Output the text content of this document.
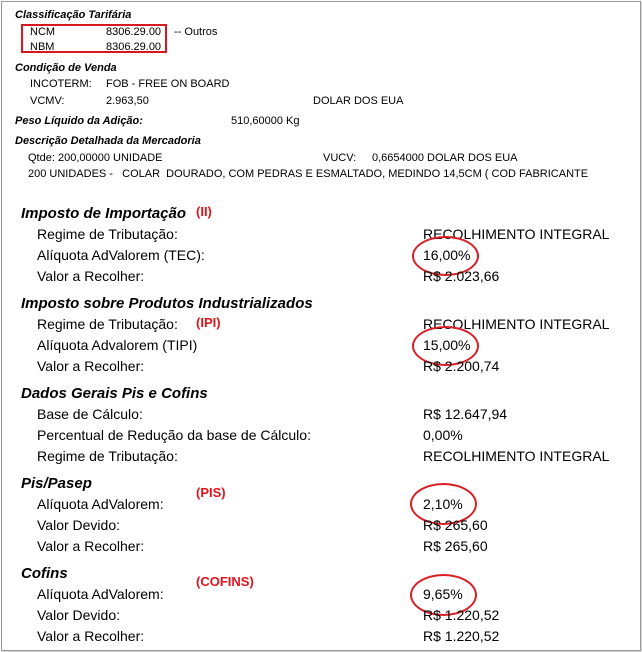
Classificação Tarifária
NCM	8306.29.00 -- Outros
NBM	8306.29.00
Condição de Venda
INCOTERM: FOB - FREE ON BOARD
VCMV:	2.963,50	DOLAR DOS EUA
Peso Líquido da Adição:	510,60000 Kg
Descrição Detalhada da Mercadoria
Qtde: 200,00000 UNIDADE	VUCV: 0,6654000 DOLAR DOS EUA
200 UNIDADES -   COLAR  DOURADO, COM PEDRAS E ESMALTADO, MEDINDO 14,5CM ( COD FABRICANTE
Imposto de Importação (II)
Regime de Tributação:	RECOLHIMENTO INTEGRAL
Alíquota AdValorem (TEC):	16,00%
Valor a Recolher:	R$ 2.023,66
Imposto sobre Produtos Industrializados
Regime de Tributação: (IPI)	RECOLHIMENTO INTEGRAL
Alíquota Advalorem (TIPI)	15,00%
Valor a Recolher:	R$ 2.200,74
Dados Gerais Pis e Cofins
Base de Cálculo:	R$ 12.647,94
Percentual de Redução da base de Cálculo:	0,00%
Regime de Tributação:	RECOLHIMENTO INTEGRAL
Pis/Pasep
(PIS)
Alíquota AdValorem:	2,10%
Valor Devido:	R$ 265,60
Valor a Recolher:	R$ 265,60
Cofins	(COFINS)
Alíquota AdValorem:	9,65%
Valor Devido:	R$ 1.220,52
Valor a Recolher:	R$ 1.220,52
